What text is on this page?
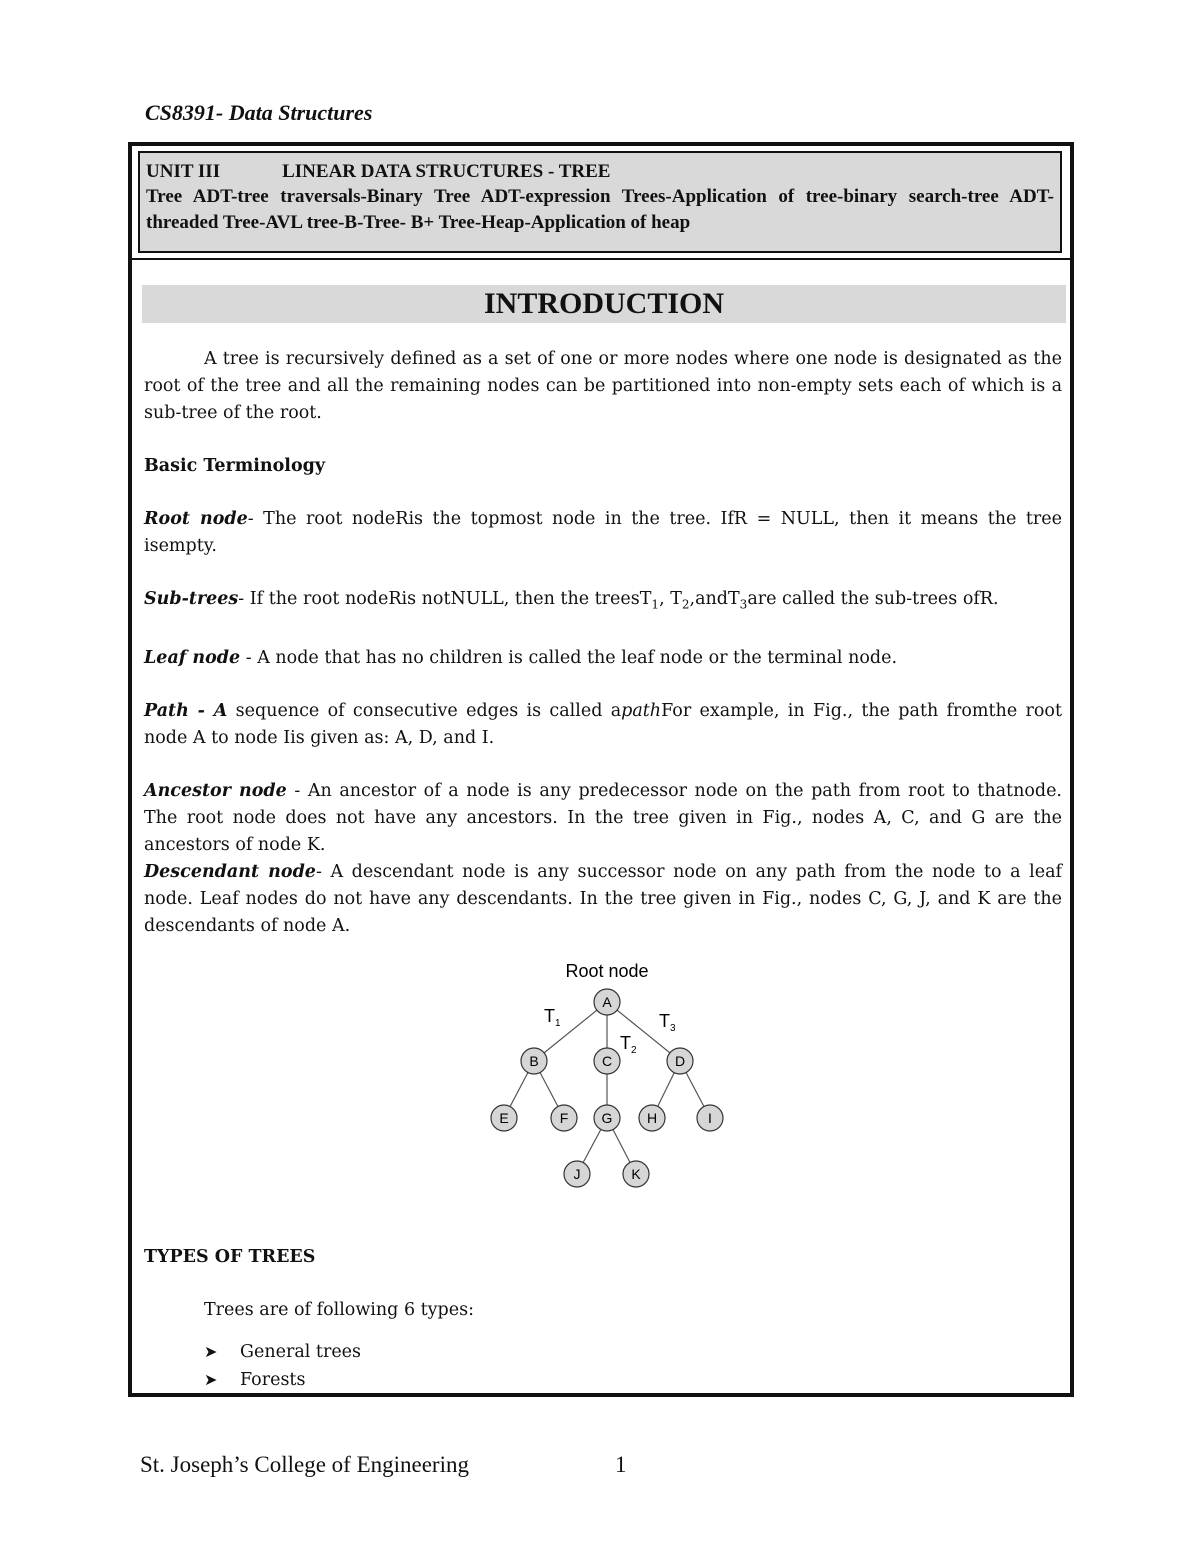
CS8391- Data Structures
UNIT III	LINEAR DATA STRUCTURES - TREE
Tree ADT-tree traversals-Binary Tree ADT-expression Trees-Application of tree-binary search-tree ADT- threaded Tree-AVL tree-B-Tree- B+ Tree-Heap-Application of heap
INTRODUCTION

A tree is recursively defined as a set of one or more nodes where one node is designated as the root of the tree and all the remaining nodes can be partitioned into non-empty sets each of which is a sub-tree of the root.

Basic Terminology

Root node- The root nodeRis the topmost node in the tree. IfR = NULL, then it means the tree isempty.

Sub-trees- If the root nodeRis notNULL, then the treesT$_1$, $T_2,andT_3are$ called the sub-trees ofR.

Leaf node - A node that has no children is called the leaf node or the terminal node.

Path - A sequence of consecutive edges is called apathFor example, in Fig., the path fromthe root node A to node Iis given as: A, D, and I.

Ancestor node - An ancestor of a node is any predecessor node on the path from root to thatnode. The root node does not have any ancestors. In the tree given in Fig., nodes A, C, and G are the ancestors of node K.

Descendant node- A descendant node is any successor node on any path from the node to a leaf node. Leaf nodes do not have any descendants. In the tree given in Fig., nodes C, G, J, and K are the descendants of node A.

Root node
$T_1$
$T_2$
$T_3$
A
B	C	D
E	F G H	I
J	K

TYPES OF TREES

Trees are of following 6 types:

➤ General trees
➤ Forests
St. Joseph’s College of Engineering	1
